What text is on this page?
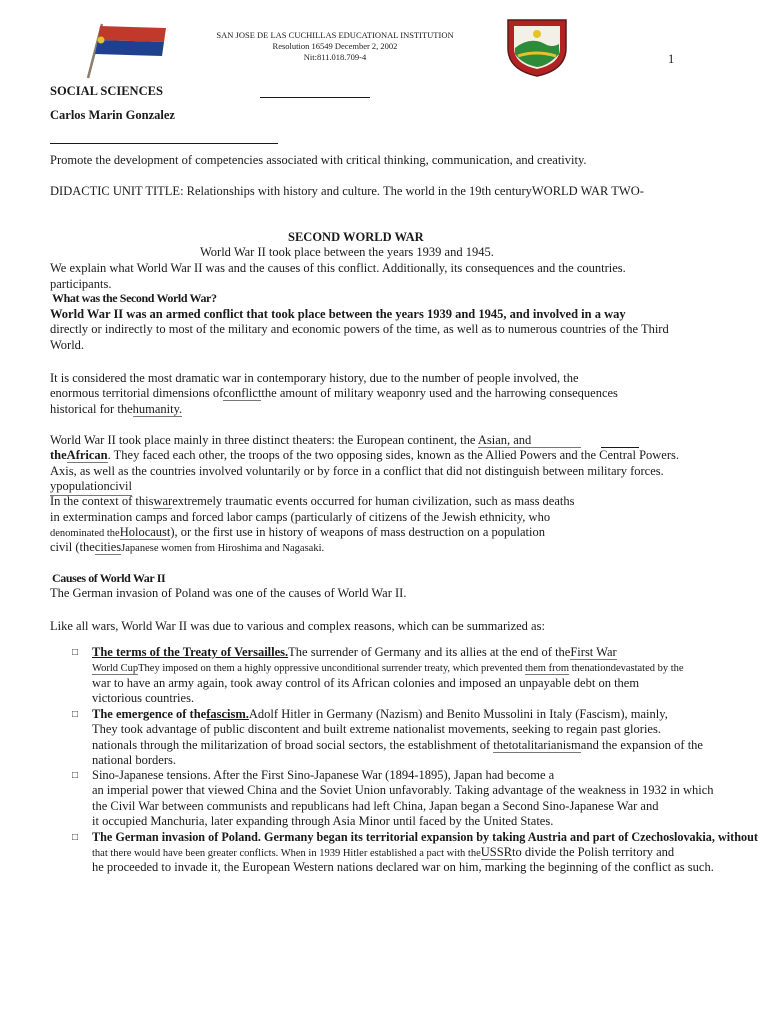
SAN JOSE DE LAS CUCHILLAS EDUCATIONAL INSTITUTION
Resolution 16549 December 2, 2002
Nit:811.018.709-4	1
SOCIAL SCIENCES
Carlos Marin Gonzalez
Promote the development of competencies associated with critical thinking, communication, and creativity.
DIDACTIC UNIT TITLE: Relationships with history and culture. The world in the 19th centuryWORLD WAR TWO-
SECOND WORLD WAR
World War II took place between the years 1939 and 1945.
We explain what World War II was and the causes of this conflict. Additionally, its consequences and the countries.
participants.
What was the Second World War?
World War II was an armed conflict that took place between the years 1939 and 1945, and involved in a way
directly or indirectly to most of the military and economic powers of the time, as well as to numerous countries of the Third
World.
It is considered the most dramatic war in contemporary history, due to the number of people involved, the
enormous territorial dimensions ofconflictthe amount of military weaponry used and the harrowing consequences
historical for thehumanity.
World War II took place mainly in three distinct theaters: the European continent, the Asian, and
theAfrican. They faced each other, the troops of the two opposing sides, known as the Allied Powers and the Central Powers.
Axis, as well as the countries involved voluntarily or by force in a conflict that did not distinguish between military forces.
ypopulationcivil
In the context of thiswarextremely traumatic events occurred for human civilization, such as mass deaths
in extermination camps and forced labor camps (particularly of citizens of the Jewish ethnicity, who
denominated theHolocaust), or the first use in history of weapons of mass destruction on a population
civil (thecitiesJapanese women from Hiroshima and Nagasaki.
Causes of World War II
The German invasion of Poland was one of the causes of World War II.
Like all wars, World War II was due to various and complex reasons, which can be summarized as:
□ The terms of the Treaty of Versailles.The surrender of Germany and its allies at the end of theFirst War
World CupThey imposed on them a highly oppressive unconditional surrender treaty, which prevented them from thenationdevastated by the
war to have an army again, took away control of its African colonies and imposed an unpayable debt on them
victorious countries.
□ The emergence of thefascism.Adolf Hitler in Germany (Nazism) and Benito Mussolini in Italy (Fascism), mainly,
They took advantage of public discontent and built extreme nationalist movements, seeking to regain past glories.
nationals through the militarization of broad social sectors, the establishment of thetotalitarianismand the expansion of the
national borders.
□ Sino-Japanese tensions. After the First Sino-Japanese War (1894-1895), Japan had become a
an imperial power that viewed China and the Soviet Union unfavorably. Taking advantage of the weakness in 1932 in which
the Civil War between communists and republicans had left China, Japan began a Second Sino-Japanese War and
it occupied Manchuria, later expanding through Asia Minor until faced by the United States.
□ The German invasion of Poland. Germany began its territorial expansion by taking Austria and part of Czechoslovakia, without
that there would have been greater conflicts. When in 1939 Hitler established a pact with theUSSRto divide the Polish territory and
he proceeded to invade it, the European Western nations declared war on him, marking the beginning of the conflict as such.
